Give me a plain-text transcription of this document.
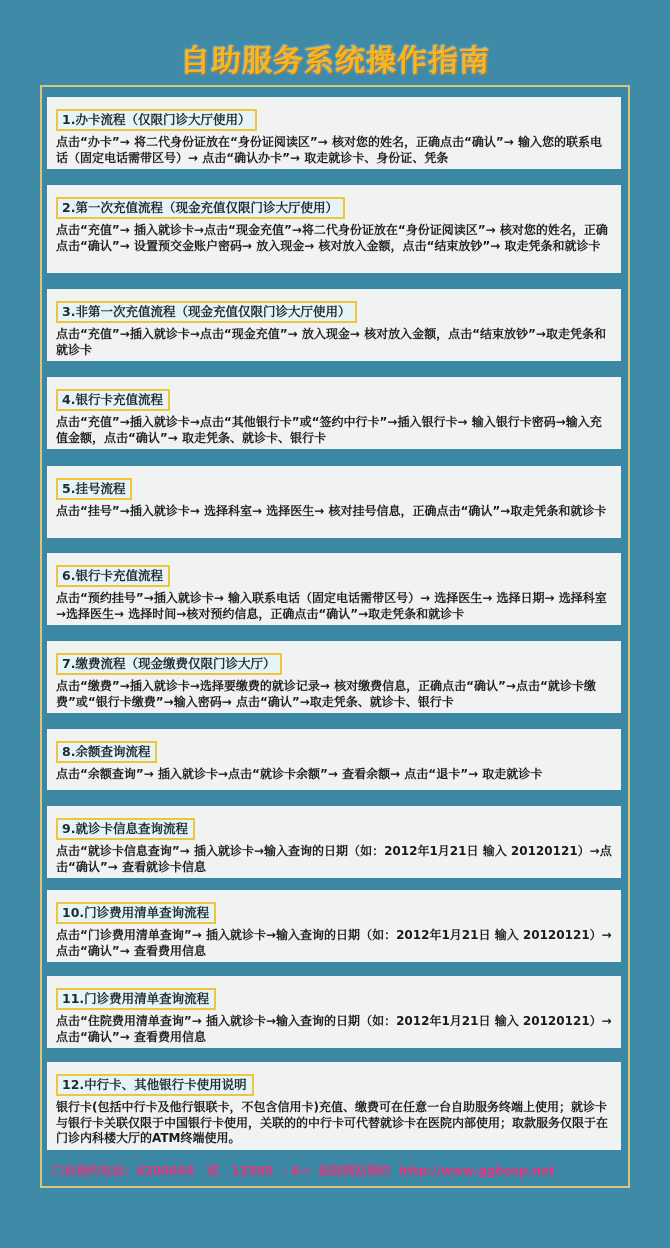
自助服务系统操作指南
1.办卡流程（仅限门诊大厅使用）
点击“办卡”→ 将二代身份证放在“身份证阅读区”→ 核对您的姓名，正确点击“确认”→ 输入您的联系电话（固定电话需带区号）→ 点击“确认办卡”→ 取走就诊卡、身份证、凭条
2.第一次充值流程（现金充值仅限门诊大厅使用）
点击“充值”→ 插入就诊卡→点击“现金充值”→将二代身份证放在“身份证阅读区”→ 核对您的姓名，正确点击“确认”→ 设置预交金账户密码→ 放入现金→ 核对放入金额，点击“结束放钞”→ 取走凭条和就诊卡
3.非第一次充值流程（现金充值仅限门诊大厅使用）
点击“充值”→插入就诊卡→点击“现金充值”→ 放入现金→ 核对放入金额，点击“结束放钞”→取走凭条和就诊卡
4.银行卡充值流程
点击“充值”→插入就诊卡→点击“其他银行卡”或“签约中行卡”→插入银行卡→ 输入银行卡密码→输入充值金额，点击“确认”→ 取走凭条、就诊卡、银行卡
5.挂号流程
点击“挂号”→插入就诊卡→ 选择科室→ 选择医生→ 核对挂号信息，正确点击“确认”→取走凭条和就诊卡
6.银行卡充值流程
点击“预约挂号”→插入就诊卡→ 输入联系电话（固定电话需带区号）→ 选择医生→ 选择日期→ 选择科室→选择医生→ 选择时间→核对预约信息，正确点击“确认”→取走凭条和就诊卡
7.缴费流程（现金缴费仅限门诊大厅）
点击“缴费”→插入就诊卡→选择要缴费的就诊记录→ 核对缴费信息，正确点击“确认”→点击“就诊卡缴费”或“银行卡缴费”→输入密码→ 点击“确认”→取走凭条、就诊卡、银行卡
8.余额查询流程
点击“余额查询”→ 插入就诊卡→点击“就诊卡余额”→ 查看余额→ 点击“退卡”→ 取走就诊卡
9.就诊卡信息查询流程
点击“就诊卡信息查询”→ 插入就诊卡→输入查询的日期（如：2012年1月21日 输入 20120121）→点击“确认”→ 查看就诊卡信息
10.门诊费用清单查询流程
点击“门诊费用清单查询”→ 插入就诊卡→输入查询的日期（如：2012年1月21日 输入 20120121）→点击“确认”→ 查看费用信息
11.门诊费用清单查询流程
点击“住院费用清单查询”→ 插入就诊卡→输入查询的日期（如：2012年1月21日 输入 20120121）→点击“确认”→ 查看费用信息
12.中行卡、其他银行卡使用说明
银行卡(包括中行卡及他行银联卡，不包含信用卡)充值、缴费可在任意一台自助服务终端上使用；就诊卡与银行卡关联仅限于中国银行卡使用，关联的的中行卡可代替就诊卡在医院内部使用；取款服务仅限于在门诊内科楼大厅的ATM终端使用。
门诊预约电话：4200666   或   12580  – 6→  医院网站预约  http://www.gghosp.net
